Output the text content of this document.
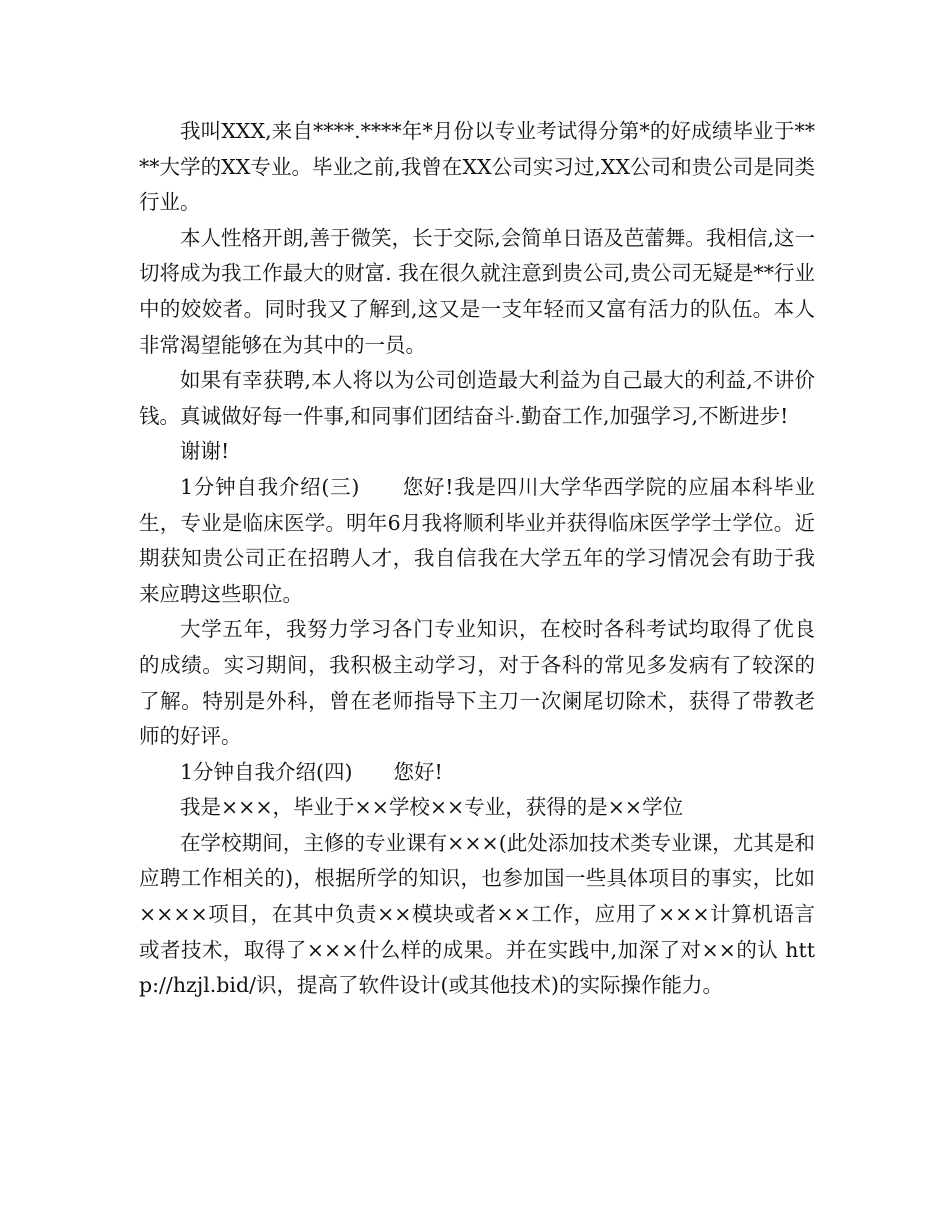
我叫XXX,来自****.****年*月份以专业考试得分第*的好成绩毕业于****大学的XX专业。毕业之前,我曾在XX公司实习过,XX公司和贵公司是同类行业。

本人性格开朗,善于微笑，长于交际,会简单日语及芭蕾舞。我相信,这一切将成为我工作最大的财富. 我在很久就注意到贵公司,贵公司无疑是**行业中的姣姣者。同时我又了解到,这又是一支年轻而又富有活力的队伍。本人非常渴望能够在为其中的一员。

如果有幸获聘,本人将以为公司创造最大利益为自己最大的利益,不讲价钱。真诚做好每一件事,和同事们团结奋斗.勤奋工作,加强学习,不断进步!

谢谢!

1分钟自我介绍(三)　　您好!我是四川大学华西学院的应届本科毕业生，专业是临床医学。明年6月我将顺利毕业并获得临床医学学士学位。近期获知贵公司正在招聘人才，我自信我在大学五年的学习情况会有助于我来应聘这些职位。

大学五年，我努力学习各门专业知识，在校时各科考试均取得了优良的成绩。实习期间，我积极主动学习，对于各科的常见多发病有了较深的了解。特别是外科，曾在老师指导下主刀一次阑尾切除术，获得了带教老师的好评。

1分钟自我介绍(四)　　您好!

我是×××，毕业于××学校××专业，获得的是××学位

在学校期间，主修的专业课有×××(此处添加技术类专业课，尤其是和应聘工作相关的)，根据所学的知识，也参加国一些具体项目的事实，比如××××项目，在其中负责××模块或者××工作，应用了×××计算机语言或者技术，取得了×××什么样的成果。并在实践中,加深了对××的认 http://hzjl.bid/识，提高了软件设计(或其他技术)的实际操作能力。
